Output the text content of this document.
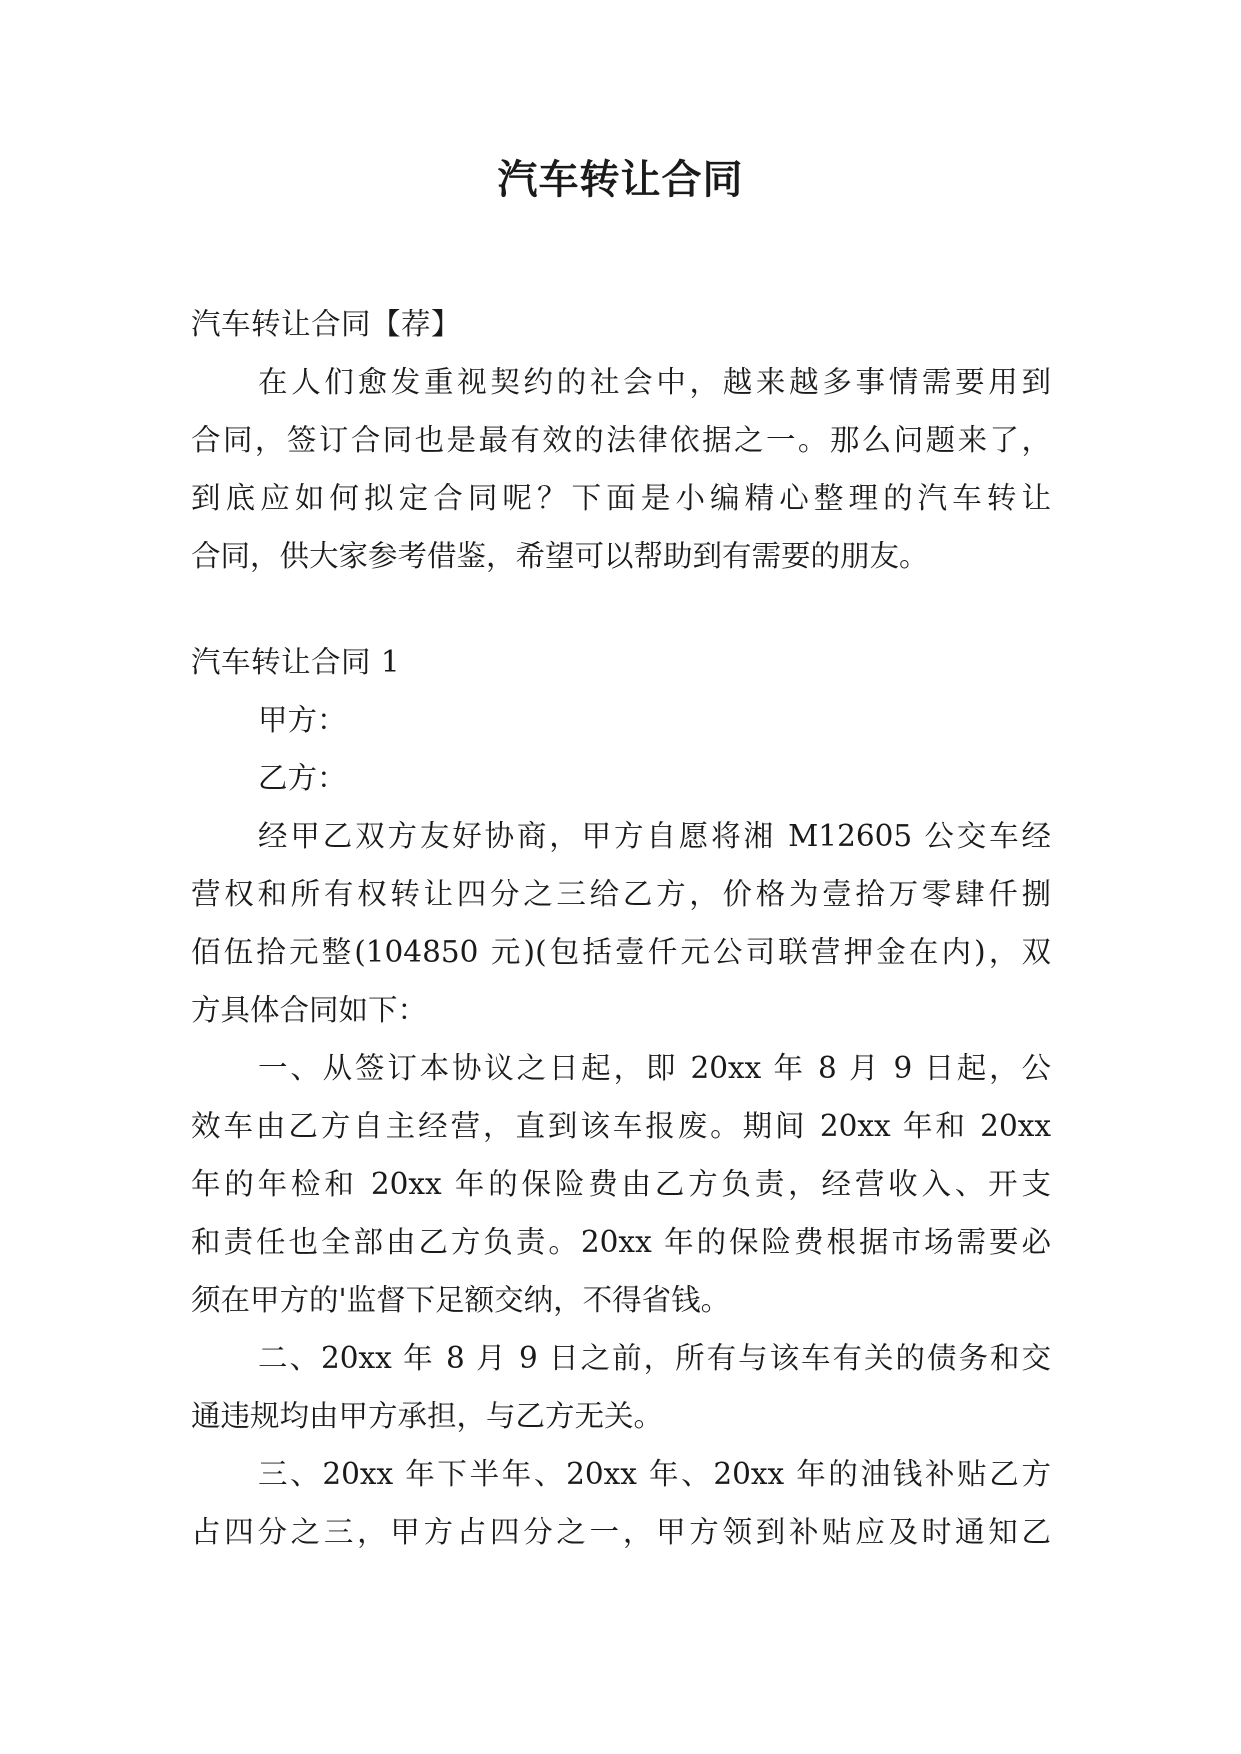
汽车转让合同

汽车转让合同【荐】

在人们愈发重视契约的社会中，越来越多事情需要用到

合同，签订合同也是最有效的法律依据之一。那么问题来了，

到底应如何拟定合同呢？下面是小编精心整理的汽车转让

合同，供大家参考借鉴，希望可以帮助到有需要的朋友。

汽车转让合同 1

甲方：

乙方：

经甲乙双方友好协商，甲方自愿将湘 M12605 公交车经

营权和所有权转让四分之三给乙方，价格为壹拾万零肆仟捌

佰伍拾元整(104850 元)(包括壹仟元公司联营押金在内)，双

方具体合同如下：

一、从签订本协议之日起，即 20xx 年 8 月 9 日起，公

效车由乙方自主经营，直到该车报废。期间 20xx 年和 20xx

年的年检和 20xx 年的保险费由乙方负责，经营收入、开支

和责任也全部由乙方负责。20xx 年的保险费根据市场需要必

须在甲方的'监督下足额交纳，不得省钱。

二、20xx 年 8 月 9 日之前，所有与该车有关的债务和交

通违规均由甲方承担，与乙方无关。

三、20xx 年下半年、20xx 年、20xx 年的油钱补贴乙方

占四分之三，甲方占四分之一，甲方领到补贴应及时通知乙
